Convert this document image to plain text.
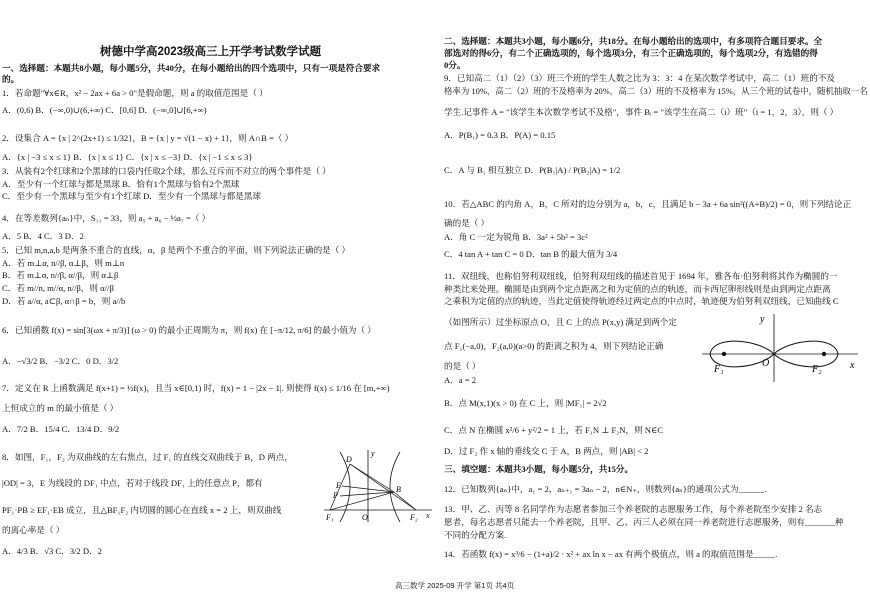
树德中学高2023级高三上开学考试数学试题
一、选择题：本题共8小题，每小题5分，共40分，在每小题给出的四个选项中，只有一项是符合要求
的。
1．若命题"∀x∈R，x² − 2ax + 6a > 0"是假命题，则 a 的取值范围是（ ）
A．(0,6) B．(−∞,0)∪(6,+∞) C．[0,6] D．(−∞,0]∪[6,+∞)
2．设集合 A = {x | 2^(2x+1) ≤ 1/32}，B = {x | y = √(1 − x) + 1}，则 A∩B =（ ）
A．{x | −3 ≤ x ≤ 1} B．{x | x ≤ 1} C．{x | x ≤ −3} D．{x | −1 ≤ x ≤ 3}
3．从装有2个红球和2个黑球的口袋内任取2个球，那么互斥而不对立的两个事件是（ ）
A．至少有一个红球与都是黑球 B．恰有1个黑球与恰有2个黑球
C．至少有一个黑球与至少有1个红球 D．至少有一个黑球与都是黑球
4．在等差数列{aₙ}中，S₁₁ = 33，则 a₅ + a₆ − ½a₇ =（ ）
A．5 B．4 C．3 D．2
5．已知 m,n,a,b 是两条不重合的直线，α，β 是两个不重合的平面，则下列说法正确的是（ ）
A．若 m⊥α, n//β, α⊥β，则 m⊥n
B．若 m⊥α, n//β, α//β，则 α⊥β
C．若 m//n, m//α, n//β，则 α//β
D．若 a//α, a⊂β, α∩β = b，则 a//b
6．已知函数 f(x) = sin[3(ωx + π/3)] (ω > 0) 的最小正周期为 π，则 f(x) 在 [−π/12, π/6] 的最小值为（ ）
A．−√3/2 B．−3/2 C．0 D．3/2
7．定义在 R 上函数满足 f(x+1) = ½f(x)，且当 x∈[0,1) 时，f(x) = 1 − |2x − 1|. 则使得 f(x) ≤ 1/16 在 [m,+∞)
上恒成立的 m 的最小值是（ ）
A．7/2 B．15/4 C．13/4 D．9/2
8．如图，F₁，F₂ 为双曲线的左右焦点，过 F₁ 的直线交双曲线于 B，D 两点，
|OD| = 3，E 为线段的 DF₁ 中点，若对于线段 DF₁ 上的任意点 P，都有
PF₁·PB ≥ EF₁·EB 成立，且△BF₁F₂ 内切圆的圆心在直线 x = 2 上，则双曲线
的离心率是（ ）
A．4/3 B．√3 C．3/2 D．2
二、选择题：本题共3小题，每小题6分，共18分。在每小题给出的选项中，有多项符合题目要求。全
部选对的得6分，有二个正确选项的，每个选项3分，有三个正确选项的，每个选项2分，有选错的得
0分。
9．已知高二（1）（2）（3）班三个班的学生人数之比为 3：3：4 在某次数学考试中，高二（1）班的不及
格率为 10%，高二（2）班的不及格率为 20%，高二（3）班的不及格率为 15%，从三个班的试卷中，随机抽取一名
学生.记事件 A = "该学生本次数学考试不及格"，事件 Bᵢ = "该学生在高二（i）班"（i = 1，2，3），则（ ）
A．P(B₁) = 0.3 B．P(A) = 0.15
C．A 与 B₁ 相互独立 D．P(B₁|A) / P(B₂|A) = 1/2
10．若△ABC 的内角 A，B，C 所对的边分别为 a，b，c，且满足 b − 3a + 6a sin²((A+B)/2) = 0，则下列结论正
确的是（ ）
A．角 C 一定为锐角 B．3a² + 5b² = 3c²
C．4 tan A + tan C = 0 D．tan B 的最大值为 3/4
11．双纽线，也称伯努利双纽线，伯努利双纽线的描述首见于 1694 年，雅各布·伯努利将其作为椭圆的一
种类比来处理。椭圆是由到两个定点距离之和为定值的点的轨迹，而卡西尼卵形线则是由到两定点距离
之乘积为定值的点的轨迹，当此定值使得轨迹经过两定点的中点时，轨迹便为伯努利双纽线，已知曲线 C
（如图所示）过坐标原点 O，且 C 上的点 P(x,y) 满足到两个定
点 F₁(−a,0)，F₂(a,0)(a>0) 的距离之积为 4，则下列结论正确
的是（ ）
A．a = 2
B．点 M(x,1)(x > 0) 在 C 上，则 |MF₁| = 2√2
C．点 N 在椭圆 x²/6 + y²/2 = 1 上，若 F₁N ⊥ F₂N，则 N∈C
D．过 F₂ 作 x 轴的垂线交 C 于 A，B 两点，则 |AB| < 2
三、填空题：本题共3小题，每小题5分，共15分。
12．已知数列{aₙ}中，a₁ = 2，aₙ₊₁ = 3aₙ − 2，n∈N₊，则数列{aₙ}的通项公式为______.
13．甲、乙、丙等 8 名同学作为志愿者参加三个养老院的志愿服务工作，每个养老院至少安排 2 名志
愿者，每名志愿者只能去一个养老院，且甲、乙、丙三人必须在同一养老院进行志愿服务，则有_______种
不同的分配方案.
14．若函数 f(x) = x³/6 − (1+a)/2 · x² + ax ln x − ax 有两个极值点，则 a 的取值范围是_____.
y
D
E
P
B
F₁	O	F₂ x
y
O
F₁	F₂	x
高三数学 2025-09 开学 第1页 共4页
